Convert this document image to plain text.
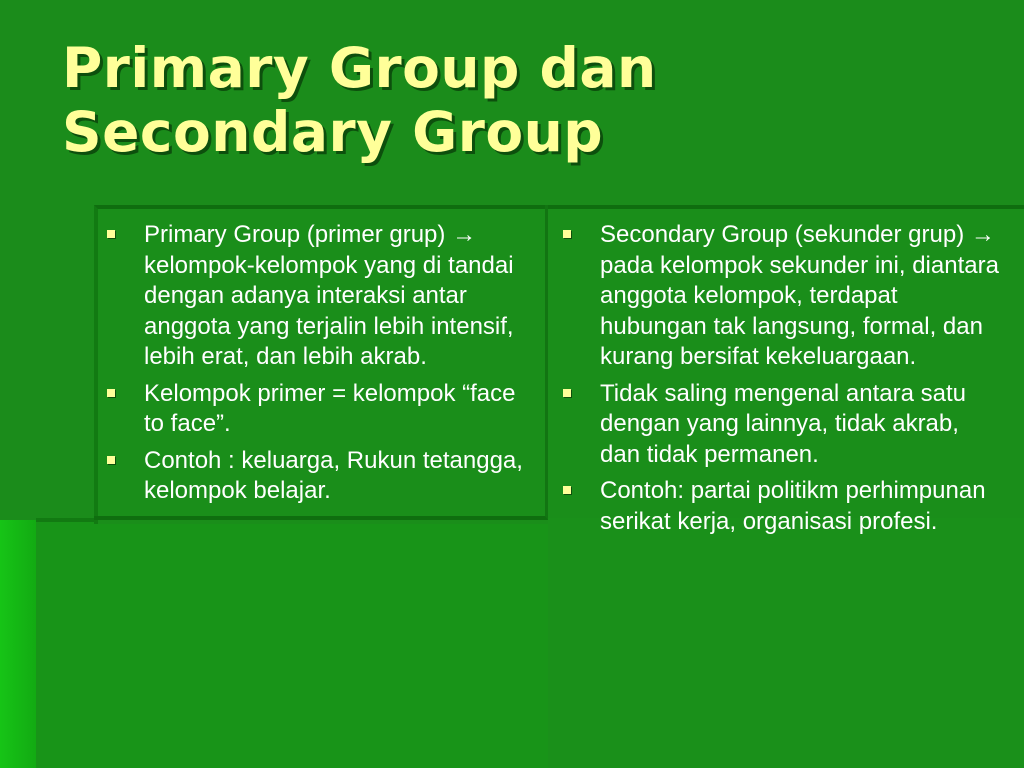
Primary Group dan
Secondary Group
Primary Group (primer grup) → kelompok-kelompok yang di tandai dengan adanya interaksi antar anggota yang terjalin lebih intensif, lebih erat, dan lebih akrab.
Kelompok primer = kelompok “face to face”.
Contoh : keluarga, Rukun tetangga, kelompok belajar.
Secondary Group (sekunder grup) → pada kelompok sekunder ini, diantara anggota kelompok, terdapat hubungan tak langsung, formal, dan kurang bersifat kekeluargaan.
Tidak saling mengenal antara satu dengan yang lainnya, tidak akrab, dan tidak permanen.
Contoh: partai politikm perhimpunan serikat kerja, organisasi profesi.
